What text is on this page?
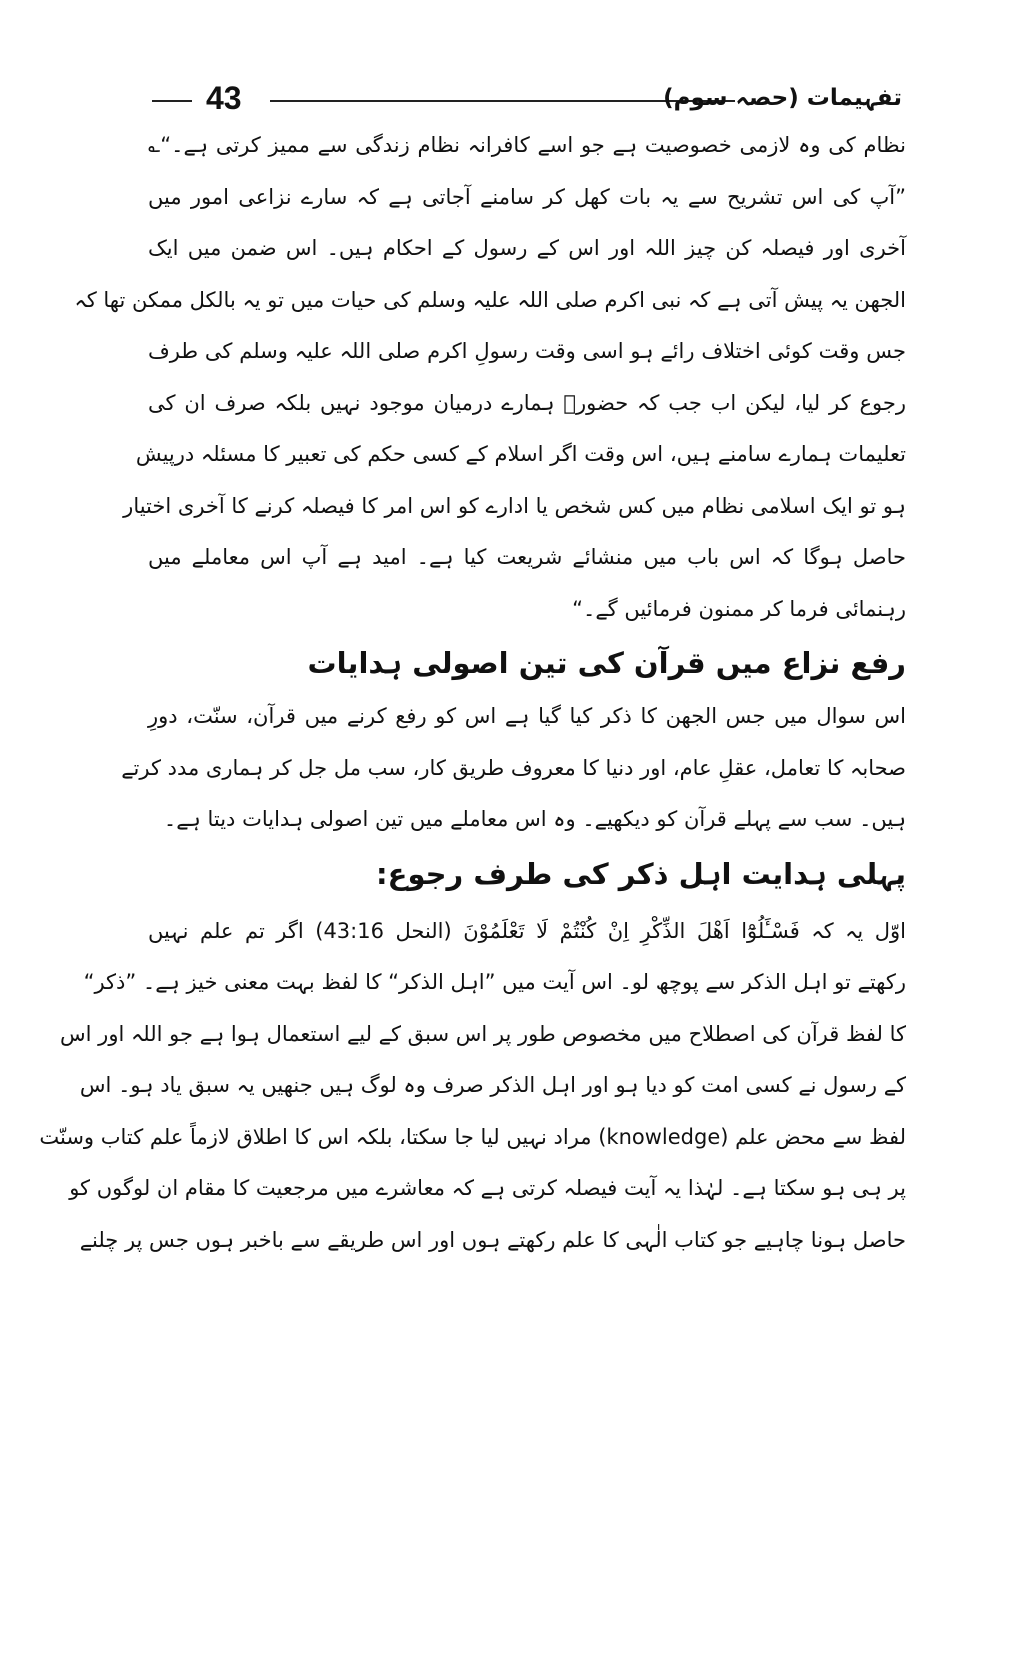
43	تفہیمات (حصہ سوم)
نظام کی وہ لازمی خصوصیت ہے جو اسے کافرانہ نظام زندگی سے ممیز کرتی ہے۔“؎
”آپ کی اس تشریح سے یہ بات کھل کر سامنے آجاتی ہے کہ سارے نزاعی امور میں
آخری اور فیصلہ کن چیز اللہ اور اس کے رسول کے احکام ہیں۔ اس ضمن میں ایک
الجھن یہ پیش آتی ہے کہ نبی اکرم صلی اللہ علیہ وسلم کی حیات میں تو یہ بالکل ممکن تھا کہ
جس وقت کوئی اختلاف رائے ہو اسی وقت رسولِ اکرم صلی اللہ علیہ وسلم کی طرف
رجوع کر لیا، لیکن اب جب کہ حضورؐ ہمارے درمیان موجود نہیں بلکہ صرف ان کی
تعلیمات ہمارے سامنے ہیں، اس وقت اگر اسلام کے کسی حکم کی تعبیر کا مسئلہ درپیش
ہو تو ایک اسلامی نظام میں کس شخص یا ادارے کو اس امر کا فیصلہ کرنے کا آخری اختیار
حاصل ہوگا کہ اس باب میں منشائے شریعت کیا ہے۔ امید ہے آپ اس معاملے میں
رہنمائی فرما کر ممنون فرمائیں گے۔“
رفع نزاع میں قرآن کی تین اصولی ہدایات
اس سوال میں جس الجھن کا ذکر کیا گیا ہے اس کو رفع کرنے میں قرآن، سنّت، دورِ
صحابہ کا تعامل، عقلِ عام، اور دنیا کا معروف طریق کار، سب مل جل کر ہماری مدد کرتے
ہیں۔ سب سے پہلے قرآن کو دیکھیے۔ وہ اس معاملے میں تین اصولی ہدایات دیتا ہے۔
پہلی ہدایت اہل ذکر کی طرف رجوع:
اوّل یہ کہ فَسْـَٔلُوْٓا اَهْلَ الذِّكْرِ اِنْ كُنْتُمْ لَا تَعْلَمُوْنَ (النحل 43:16) اگر تم علم نہیں
رکھتے تو اہل الذکر سے پوچھ لو۔ اس آیت میں ”اہل الذکر“ کا لفظ بہت معنی خیز ہے۔ ”ذکر“
کا لفظ قرآن کی اصطلاح میں مخصوص طور پر اس سبق کے لیے استعمال ہوا ہے جو اللہ اور اس
کے رسول نے کسی امت کو دیا ہو اور اہل الذکر صرف وہ لوگ ہیں جنھیں یہ سبق یاد ہو۔ اس
لفظ سے محض علم (knowledge) مراد نہیں لیا جا سکتا، بلکہ اس کا اطلاق لازماً علم کتاب وسنّت
پر ہی ہو سکتا ہے۔ لہٰذا یہ آیت فیصلہ کرتی ہے کہ معاشرے میں مرجعیت کا مقام ان لوگوں کو
حاصل ہونا چاہیے جو کتاب الٰہی کا علم رکھتے ہوں اور اس طریقے سے باخبر ہوں جس پر چلنے
